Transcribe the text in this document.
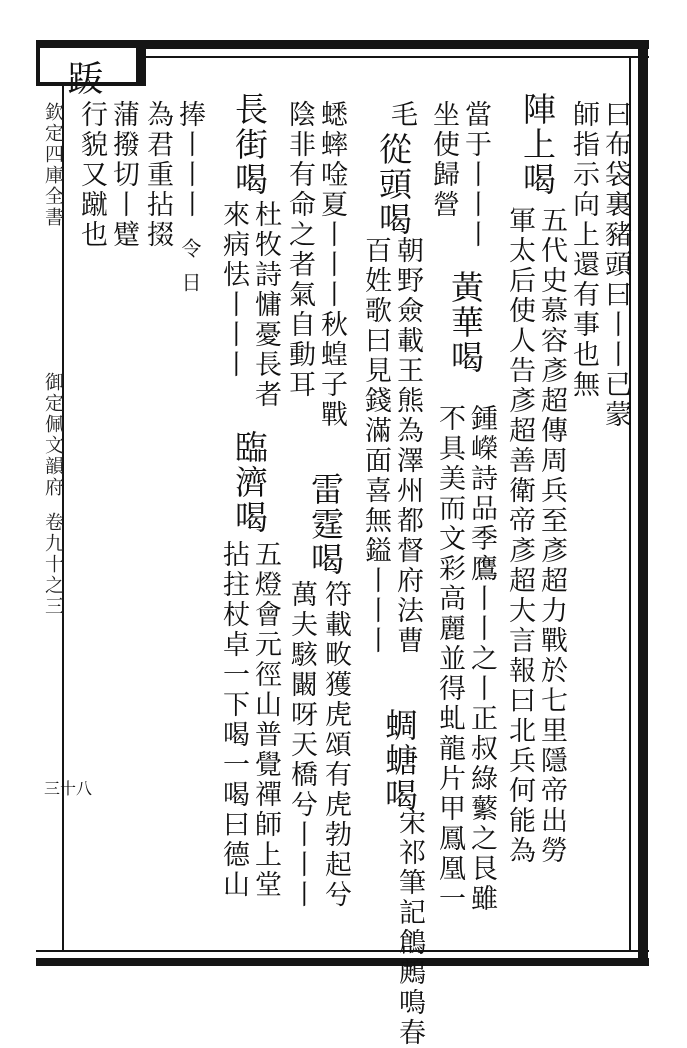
䟦
欽定四庫全書
御定佩文韻府
卷九十之三
三十八
曰布袋裏豬頭曰丨丨已蒙
師指示向上還有事也無
陣上喝
五代史慕容彥超傳周兵至彥超力戰於七里隱帝出勞
軍太后使人告彥超善衛帝彥超大言報曰北兵何能為
當于丨丨丨
黃華喝
鍾嶸詩品季鷹丨丨之丨正叔綠蘩之艮雖
坐使歸營
不具美而文彩高麗並得虬龍片甲鳳凰一
毛
從頭喝
朝野僉載王熊為澤州都督府法曹
百姓歌曰見錢滿面喜無鎰丨丨丨
蜩螗喝
宋祁筆記鶬鶊鳴春
蟋蟀唫夏丨丨丨秋蝗子戰
雷霆喝
符載畋獲虎頌有虎勃起兮
萬夫駭闞呀天橋兮丨丨丨
陰非有命之者氣自動耳
長街喝
杜牧詩慵憂長者
來病怯丨丨丨
臨濟喝
五燈會元徑山普覺禪師上堂
拈拄杖卓一下喝一喝曰德山
捧丨丨丨
令
日
為君重拈掇
蒲撥切丨躄
行貌又蹴也
